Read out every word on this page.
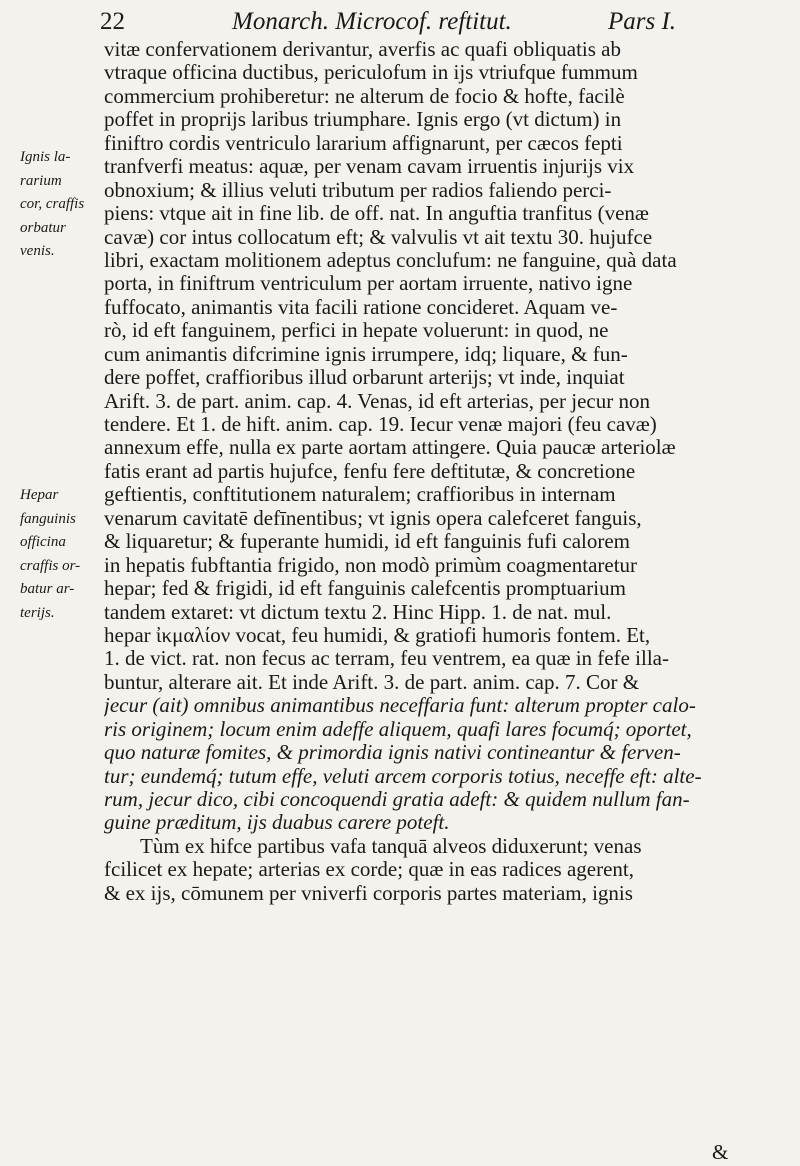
22	Monarch. Microcof. reftitut.	Pars I.
Ignis la-
rarium
cor, craffis
orbatur
venis.
Hepar
fanguinis
officina
craffis or-
batur ar-
terijs.
vitæ confervationem derivantur, averfis ac quafi obliquatis ab
vtraque officina ductibus, periculofum in ijs vtriufque fummum
commercium prohiberetur: ne alterum de focio & hofte, facilè
poffet in proprijs laribus triumphare. Ignis ergo (vt dictum) in
finiftro cordis ventriculo lararium affignarunt, per cæcos fepti
tranfverfi meatus: aquæ, per venam cavam irruentis injurijs vix
obnoxium; & illius veluti tributum per radios faliendo perci-
piens: vtque ait in fine lib. de off. nat. In anguftia tranfitus (venæ
cavæ) cor intus collocatum eft; & valvulis vt ait textu 30. hujufce
libri, exactam molitionem adeptus conclufum: ne fanguine, quà data
porta, in finiftrum ventriculum per aortam irruente, nativo igne
fuffocato, animantis vita facili ratione concideret. Aquam ve-
rò, id eft fanguinem, perfici in hepate voluerunt: in quod, ne
cum animantis difcrimine ignis irrumpere, idq; liquare, & fun-
dere poffet, craffioribus illud orbarunt arterijs; vt inde, inquiat
Arift. 3. de part. anim. cap. 4. Venas, id eft arterias, per jecur non
tendere. Et 1. de hift. anim. cap. 19. Iecur venæ majori (feu cavæ)
annexum effe, nulla ex parte aortam attingere. Quia paucæ arteriolæ
fatis erant ad partis hujufce, fenfu fere deftitutæ, & concretione
geftientis, conftitutionem naturalem; craffioribus in internam
venarum cavitatē defīnentibus; vt ignis opera calefceret fanguis,
& liquaretur; & fuperante humidi, id eft fanguinis fufi calorem
in hepatis fubftantia frigido, non modò primùm coagmentaretur
hepar; fed & frigidi, id eft fanguinis calefcentis promptuarium
tandem extaret: vt dictum textu 2. Hinc Hipp. 1. de nat. mul.
hepar ἰκμαλίον vocat, feu humidi, & gratiofi humoris fontem. Et,
1. de vict. rat. non fecus ac terram, feu ventrem, ea quæ in fefe illa-
buntur, alterare ait. Et inde Arift. 3. de part. anim. cap. 7. Cor &
jecur (ait) omnibus animantibus neceffaria funt: alterum propter calo-
ris originem; locum enim adeffe aliquem, quafi lares focumq́; oportet,
quo naturæ fomites, & primordia ignis nativi contineantur & ferven-
tur; eundemq́; tutum effe, veluti arcem corporis totius, neceffe eft: alte-
rum, jecur dico, cibi concoquendi gratia adeft: & quidem nullum fan-
guine præditum, ijs duabus carere poteft.
Tùm ex hifce partibus vafa tanquā alveos diduxerunt; venas
fcilicet ex hepate; arterias ex corde; quæ in eas radices agerent,
& ex ijs, cōmunem per vniverfi corporis partes materiam, ignis
&
